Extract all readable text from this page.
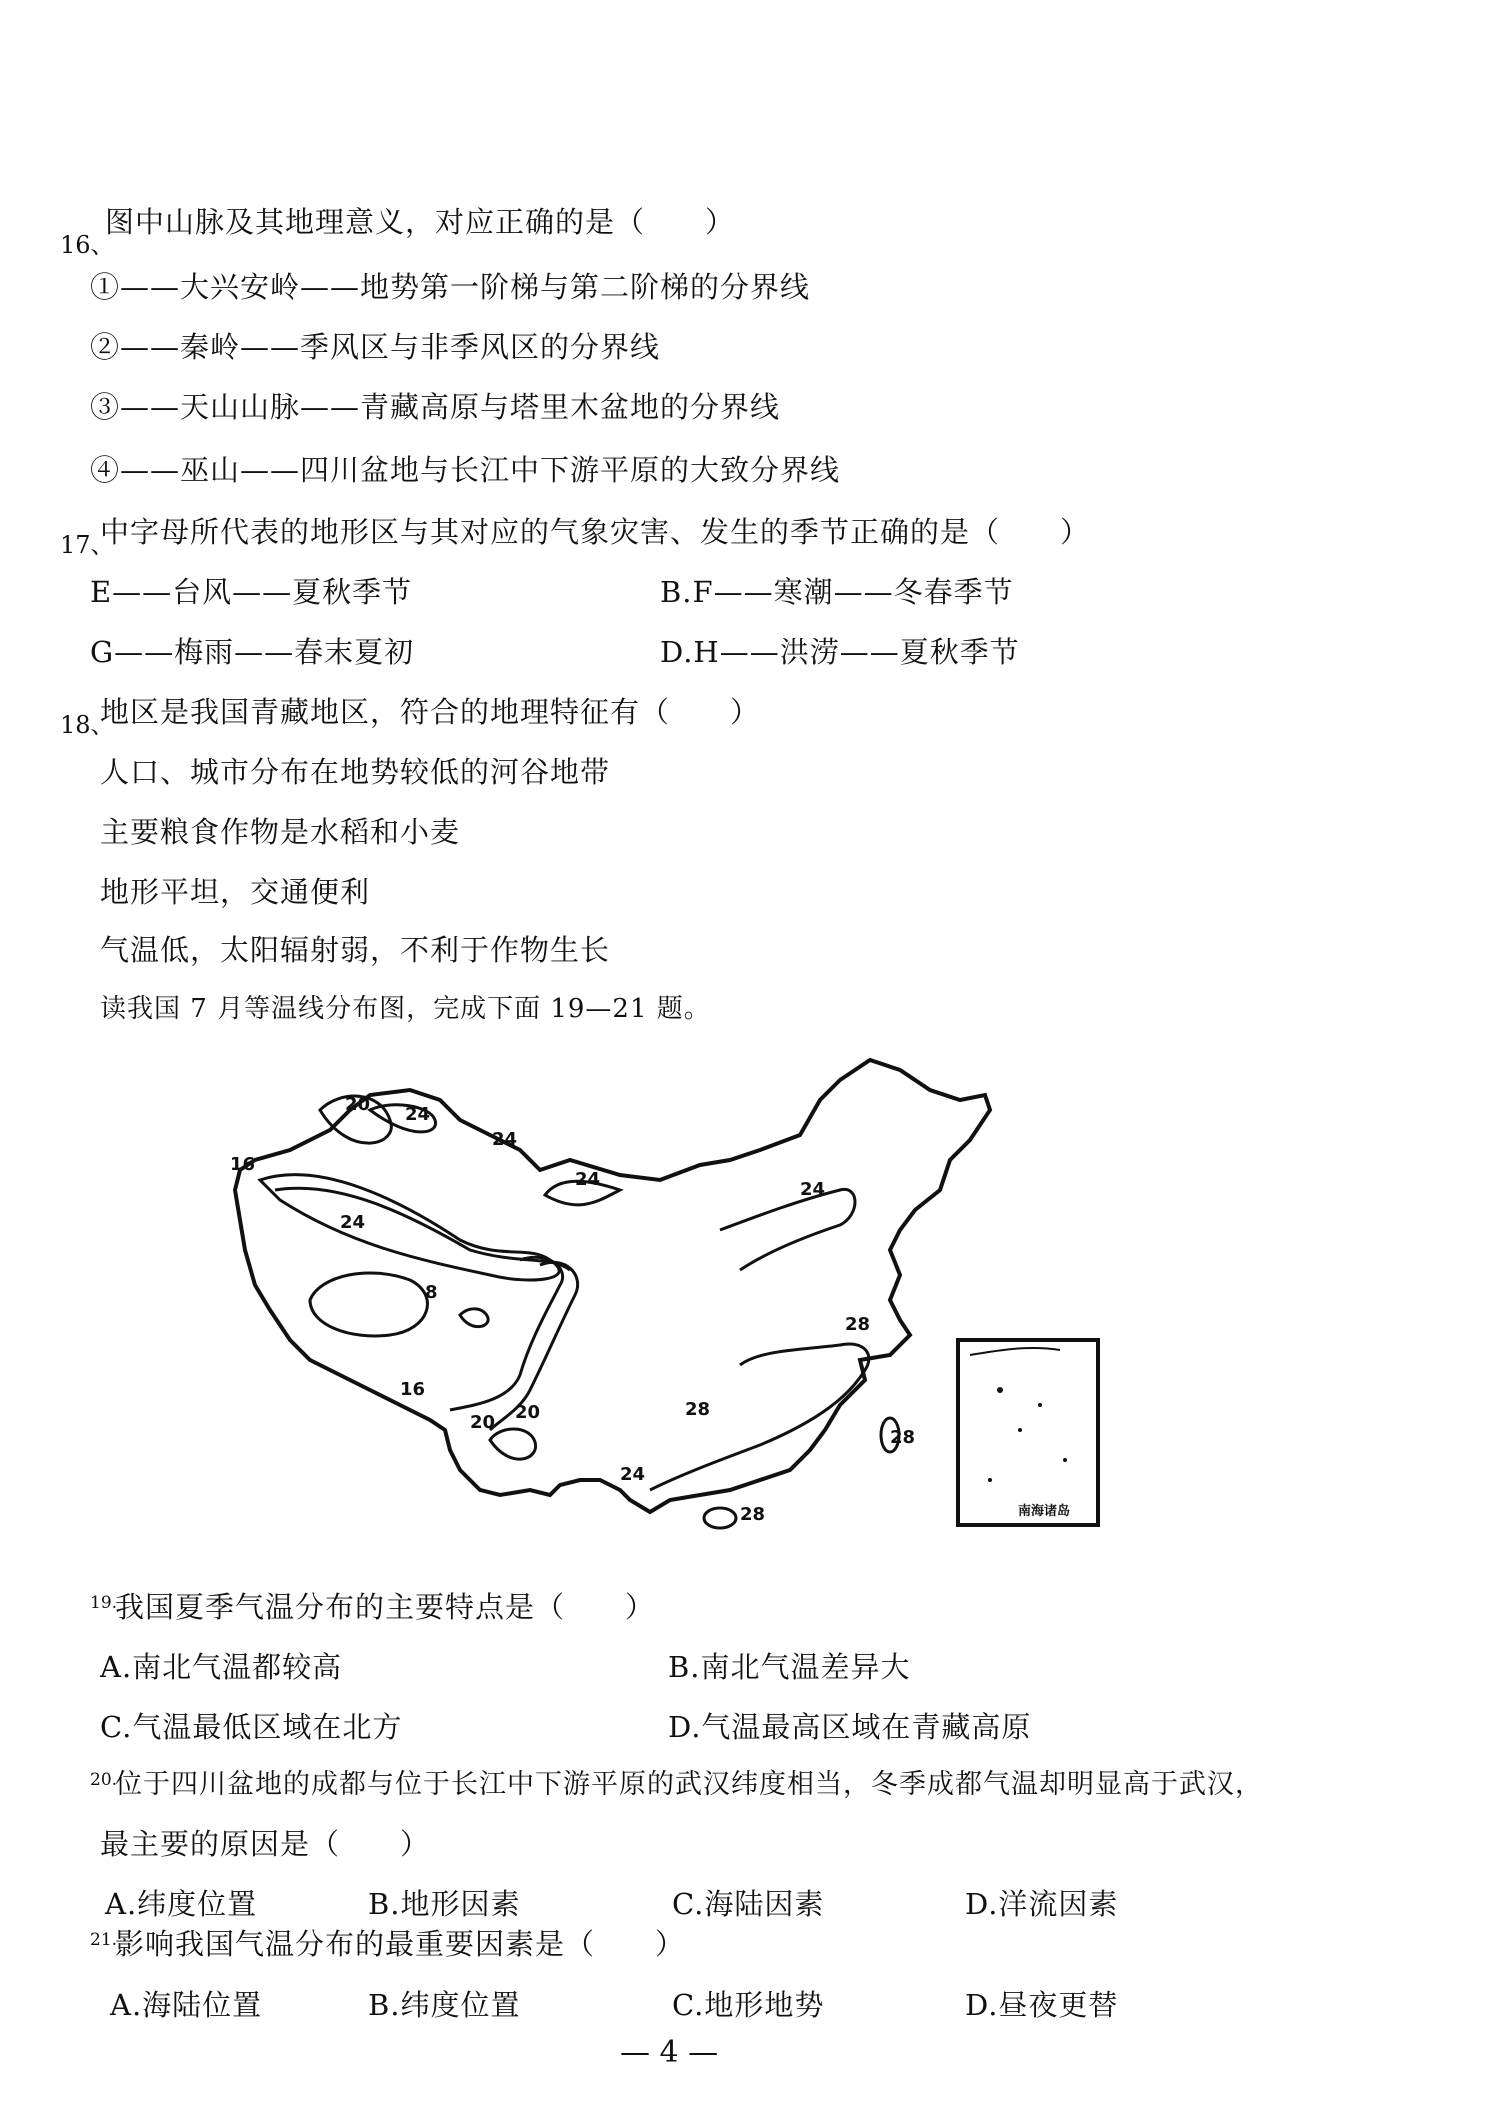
16、
图中山脉及其地理意义，对应正确的是（　　）
①——大兴安岭——地势第一阶梯与第二阶梯的分界线
②——秦岭——季风区与非季风区的分界线
③——天山山脉——青藏高原与塔里木盆地的分界线
④——巫山——四川盆地与长江中下游平原的大致分界线
17、
中字母所代表的地形区与其对应的气象灾害、发生的季节正确的是（　　）
E——台风——夏秋季节	B.F——寒潮——冬春季节
G——梅雨——春末夏初	D.H——洪涝——夏秋季节
18、
地区是我国青藏地区，符合的地理特征有（　　）
人口、城市分布在地势较低的河谷地带
主要粮食作物是水稻和小麦
地形平坦，交通便利
气温低，太阳辐射弱，不利于作物生长
读我国 7 月等温线分布图，完成下面 19—21 题。
20 24
24
16
24	24
24
8
28
16
20
20
28
24
28
28	南海诸岛
19.
我国夏季气温分布的主要特点是（　　）
A.南北气温都较高	B.南北气温差异大
C.气温最低区域在北方	D.气温最高区域在青藏高原
20.
位于四川盆地的成都与位于长江中下游平原的武汉纬度相当，冬季成都气温却明显高于武汉，
最主要的原因是（　　）
A.纬度位置	B.地形因素	C.海陆因素	D.洋流因素
21.
影响我国气温分布的最重要因素是（　　）
A.海陆位置	B.纬度位置	C.地形地势	D.昼夜更替
— 4 —
